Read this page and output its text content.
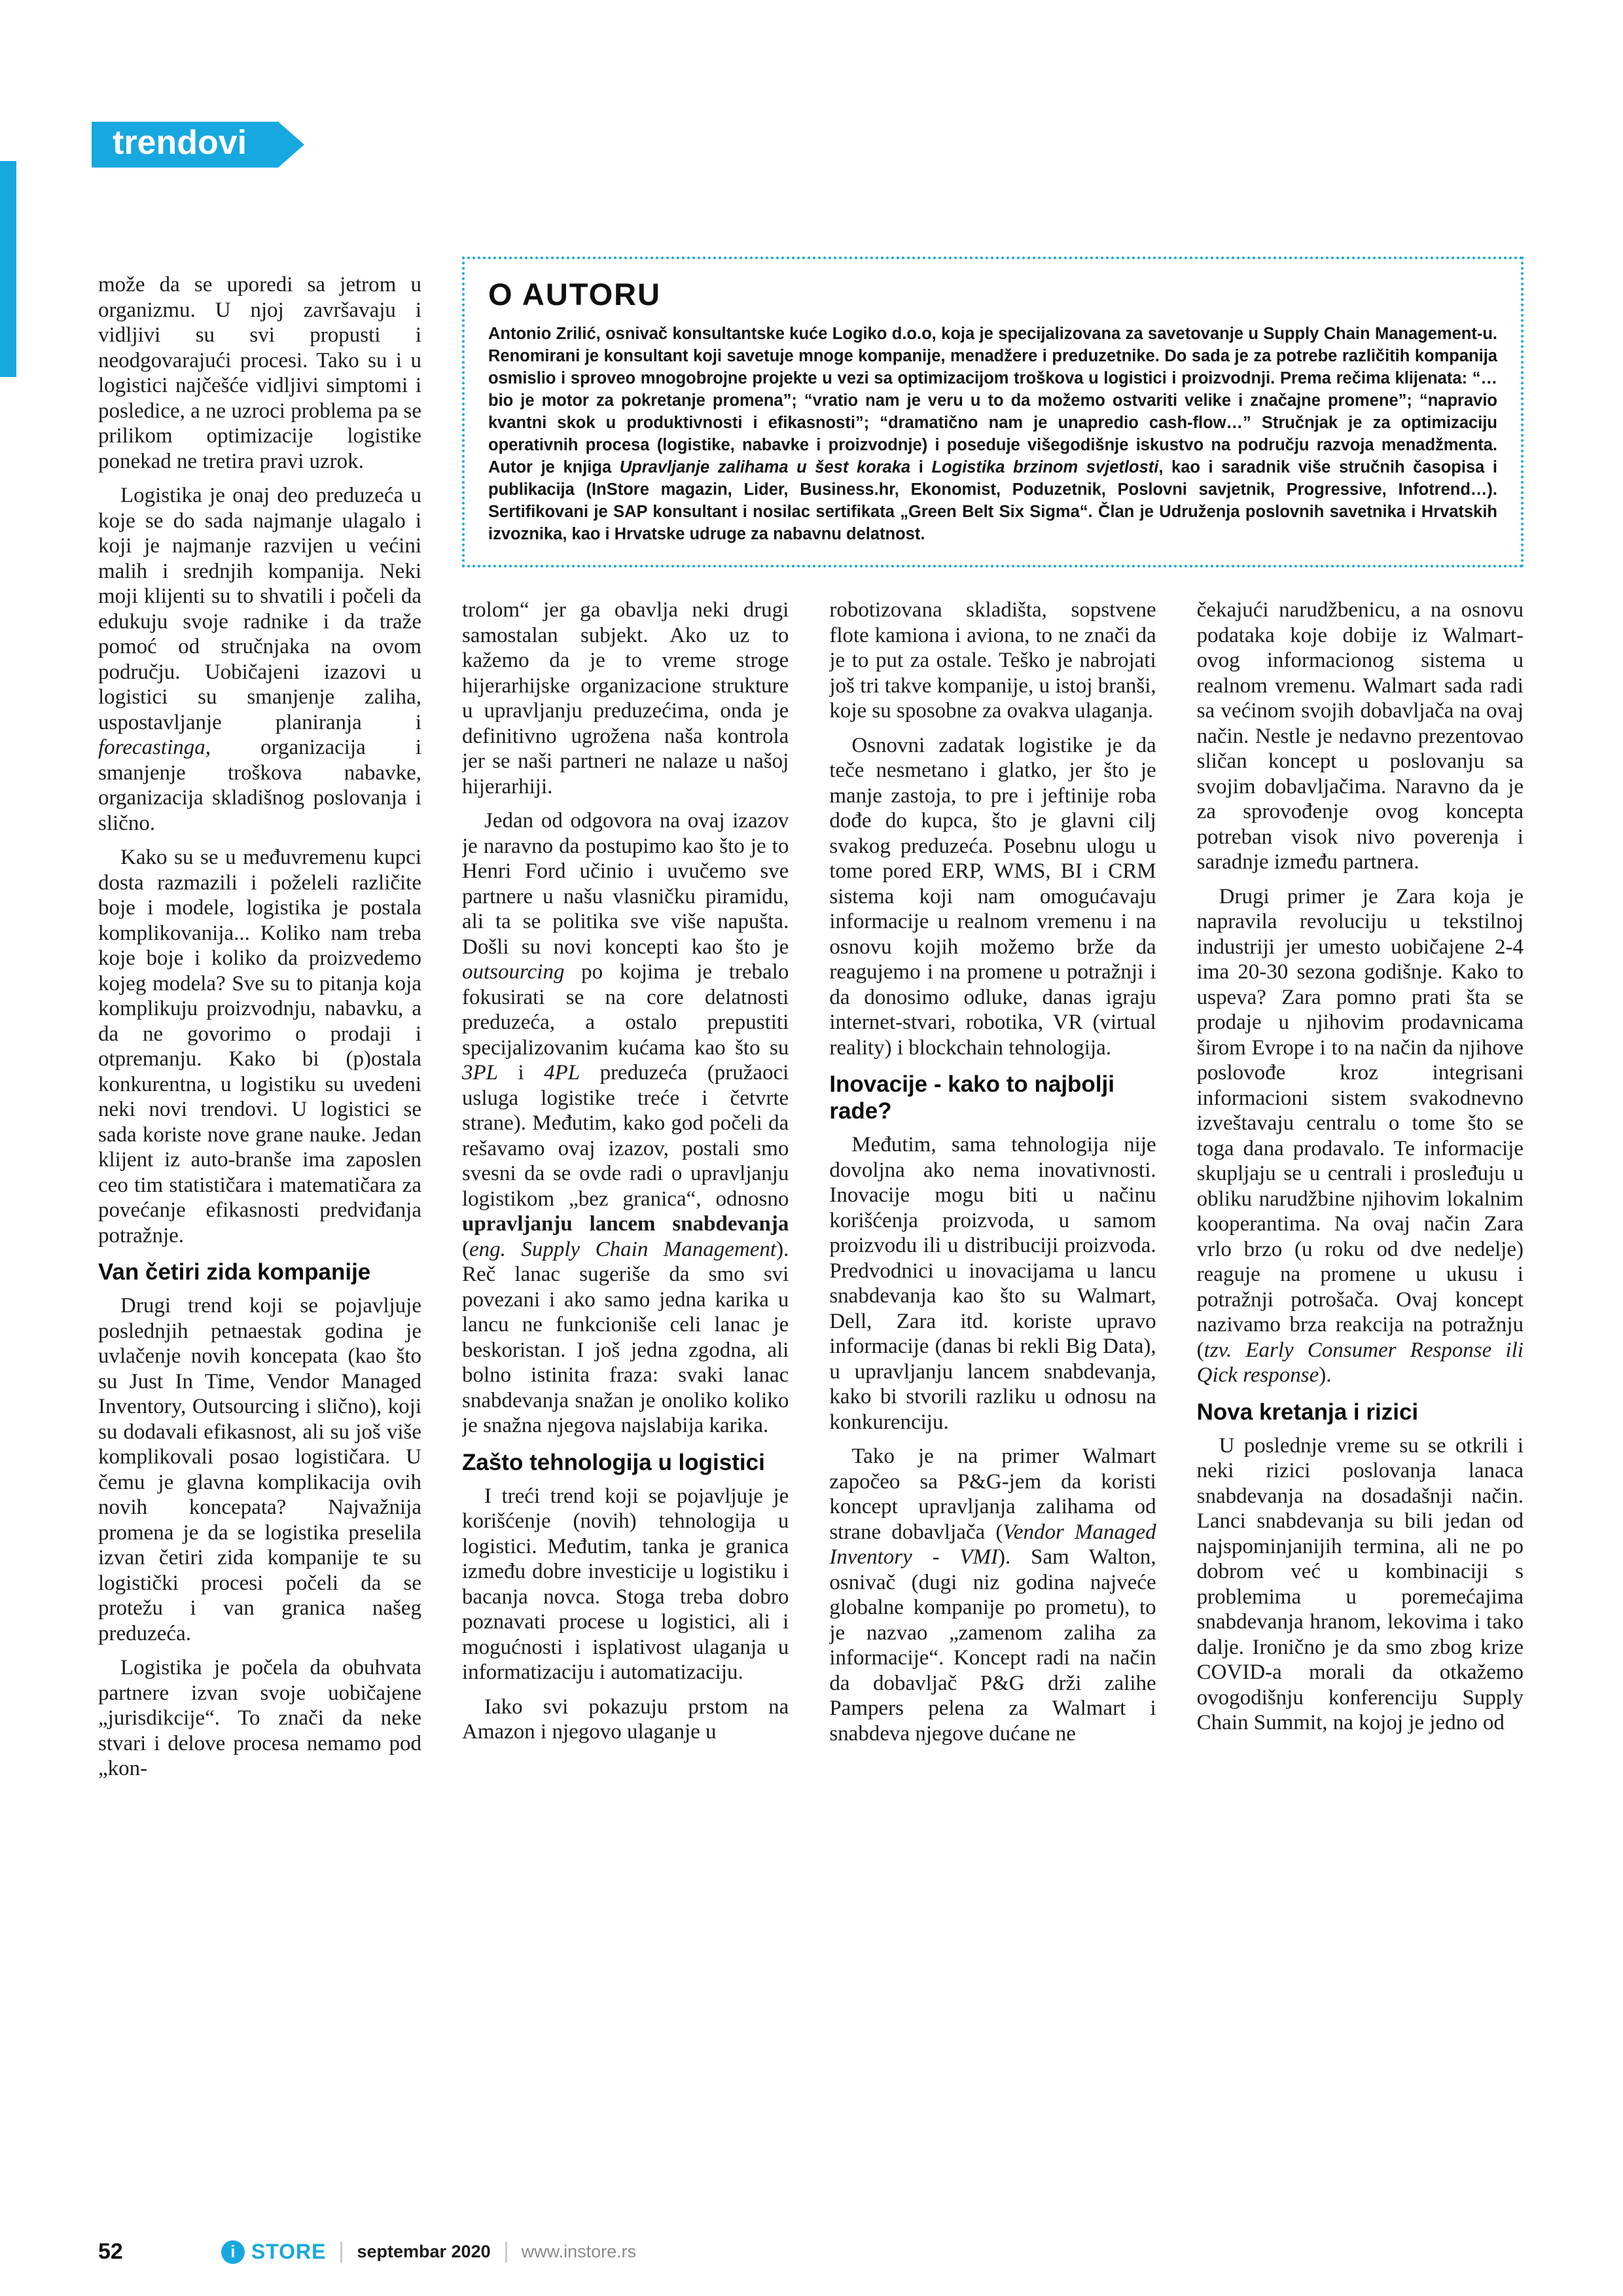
trendovi

može da se uporedi sa jetrom u organizmu. U njoj završavaju i vidljivi su svi propusti i neodgovarajući procesi. Tako su i u logistici najčešće vidljivi simptomi i posledice, a ne uzroci problema pa se prilikom optimizacije logistike ponekad ne tretira pravi uzrok.

Logistika je onaj deo preduzeća u koje se do sada najmanje ulagalo i koji je najmanje razvijen u većini malih i srednjih kompanija. Neki moji klijenti su to shvatili i počeli da edukuju svoje radnike i da traže pomoć od stručnjaka na ovom području. Uobičajeni izazovi u logistici su smanjenje zaliha, uspostavljanje planiranja i forecastinga, organizacija i smanjenje troškova nabavke, organizacija skladišnog poslovanja i slično.

Kako su se u međuvremenu kupci dosta razmazili i poželeli različite boje i modele, logistika je postala komplikovanija... Koliko nam treba koje boje i koliko da proizvedemo kojeg modela? Sve su to pitanja koja komplikuju proizvodnju, nabavku, a da ne govorimo o prodaji i otpremanju. Kako bi (p)ostala konkurentna, u logistiku su uvedeni neki novi trendovi. U logistici se sada koriste nove grane nauke. Jedan klijent iz auto-branše ima zaposlen ceo tim statističara i matematičara za povećanje efikasnosti predviđanja potražnje.

Van četiri zida kompanije

Drugi trend koji se pojavljuje poslednjih petnaestak godina je uvlačenje novih koncepata (kao što su Just In Time, Vendor Managed Inventory, Outsourcing i slično), koji su dodavali efikasnost, ali su još više komplikovali posao logističara. U čemu je glavna komplikacija ovih novih koncepata? Najvažnija promena je da se logistika preselila izvan četiri zida kompanije te su logistički procesi počeli da se protežu i van granica našeg preduzeća.

Logistika je počela da obuhvata partnere izvan svoje uobičajene „jurisdikcije“. To znači da neke stvari i delove procesa nemamo pod „kon-

O AUTORU
Antonio Zrilić, osnivač konsultantske kuće Logiko d.o.o, koja je specijalizovana za savetovanje u Supply Chain Management-u. Renomirani je konsultant koji savetuje mnoge kompanije, menadžere i preduzetnike. Do sada je za potrebe različitih kompanija osmislio i sproveo mnogobrojne projekte u vezi sa optimizacijom troškova u logistici i proizvodnji. Prema rečima klijenata: “…bio je motor za pokretanje promena”; “vratio nam je veru u to da možemo ostvariti velike i značajne promene”; “napravio kvantni skok u produktivnosti i efikasnosti”; “dramatično nam je unapredio cash-flow…” Stručnjak je za optimizaciju operativnih procesa (logistike, nabavke i proizvodnje) i poseduje višegodišnje iskustvo na području razvoja menadžmenta. Autor je knjiga Upravljanje zalihama u šest koraka i Logistika brzinom svjetlosti, kao i saradnik više stručnih časopisa i publikacija (InStore magazin, Lider, Business.hr, Ekonomist, Poduzetnik, Poslovni savjetnik, Progressive, Infotrend…). Sertifikovani je SAP konsultant i nosilac sertifikata „Green Belt Six Sigma“. Član je Udruženja poslovnih savetnika i Hrvatskih izvoznika, kao i Hrvatske udruge za nabavnu delatnost.

trolom“ jer ga obavlja neki drugi samostalan subjekt. Ako uz to kažemo da je to vreme stroge hijerarhijske organizacione strukture u upravljanju preduzećima, onda je definitivno ugrožena naša kontrola jer se naši partneri ne nalaze u našoj hijerarhiji.

Jedan od odgovora na ovaj izazov je naravno da postupimo kao što je to Henri Ford učinio i uvučemo sve partnere u našu vlasničku piramidu, ali ta se politika sve više napušta. Došli su novi koncepti kao što je outsourcing po kojima je trebalo fokusirati se na core delatnosti preduzeća, a ostalo prepustiti specijalizovanim kućama kao što su 3PL i 4PL preduzeća (pružaoci usluga logistike treće i četvrte strane). Međutim, kako god počeli da rešavamo ovaj izazov, postali smo svesni da se ovde radi o upravljanju logistikom „bez granica“, odnosno upravljanju lancem snabdevanja (eng. Supply Chain Management). Reč lanac sugeriše da smo svi povezani i ako samo jedna karika u lancu ne funkcioniše celi lanac je beskoristan. I još jedna zgodna, ali bolno istinita fraza: svaki lanac snabdevanja snažan je onoliko koliko je snažna njegova najslabija karika.

Zašto tehnologija u logistici

I treći trend koji se pojavljuje je korišćenje (novih) tehnologija u logistici. Međutim, tanka je granica između dobre investicije u logistiku i bacanja novca. Stoga treba dobro poznavati procese u logistici, ali i mogućnosti i isplativost ulaganja u informatizaciju i automatizaciju.

Iako svi pokazuju prstom na Amazon i njegovo ulaganje u

robotizovana skladišta, sopstvene flote kamiona i aviona, to ne znači da je to put za ostale. Teško je nabrojati još tri takve kompanije, u istoj branši, koje su sposobne za ovakva ulaganja.

Osnovni zadatak logistike je da teče nesmetano i glatko, jer što je manje zastoja, to pre i jeftinije roba dođe do kupca, što je glavni cilj svakog preduzeća. Posebnu ulogu u tome pored ERP, WMS, BI i CRM sistema koji nam omogućavaju informacije u realnom vremenu i na osnovu kojih možemo brže da reagujemo i na promene u potražnji i da donosimo odluke, danas igraju internet-stvari, robotika, VR (virtual reality) i blockchain tehnologija.

Inovacije - kako to najbolji rade?

Međutim, sama tehnologija nije dovoljna ako nema inovativnosti. Inovacije mogu biti u načinu korišćenja proizvoda, u samom proizvodu ili u distribuciji proizvoda. Predvodnici u inovacijama u lancu snabdevanja kao što su Walmart, Dell, Zara itd. koriste upravo informacije (danas bi rekli Big Data), u upravljanju lancem snabdevanja, kako bi stvorili razliku u odnosu na konkurenciju.

Tako je na primer Walmart započeo sa P&G-jem da koristi koncept upravljanja zalihama od strane dobavljača (Vendor Managed Inventory - VMI). Sam Walton, osnivač (dugi niz godina najveće globalne kompanije po prometu), to je nazvao „zamenom zaliha za informacije“. Koncept radi na način da dobavljač P&G drži zalihe Pampers pelena za Walmart i snabdeva njegove dućane ne

čekajući narudžbenicu, a na osnovu podataka koje dobije iz Walmart-ovog informacionog sistema u realnom vremenu. Walmart sada radi sa većinom svojih dobavljača na ovaj način. Nestle je nedavno prezentovao sličan koncept u poslovanju sa svojim dobavljačima. Naravno da je za sprovođenje ovog koncepta potreban visok nivo poverenja i saradnje između partnera.

Drugi primer je Zara koja je napravila revoluciju u tekstilnoj industriji jer umesto uobičajene 2-4 ima 20-30 sezona godišnje. Kako to uspeva? Zara pomno prati šta se prodaje u njihovim prodavnicama širom Evrope i to na način da njihove poslovođe kroz integrisani informacioni sistem svakodnevno izveštavaju centralu o tome što se toga dana prodavalo. Te informacije skupljaju se u centrali i prosleđuju u obliku narudžbine njihovim lokalnim kooperantima. Na ovaj način Zara vrlo brzo (u roku od dve nedelje) reaguje na promene u ukusu i potražnji potrošača. Ovaj koncept nazivamo brza reakcija na potražnju (tzv. Early Consumer Response ili Qick response).

Nova kretanja i rizici

U poslednje vreme su se otkrili i neki rizici poslovanja lanaca snabdevanja na dosadašnji način. Lanci snabdevanja su bili jedan od najspominjanijih termina, ali ne po dobrom već u kombinaciji s problemima u poremećajima snabdevanja hranom, lekovima i tako dalje. Ironično je da smo zbog krize COVID-a morali da otkažemo ovogodišnju konferenciju Supply Chain Summit, na kojoj je jedno od

52	i STORE septembar 2020 www.instore.rs
